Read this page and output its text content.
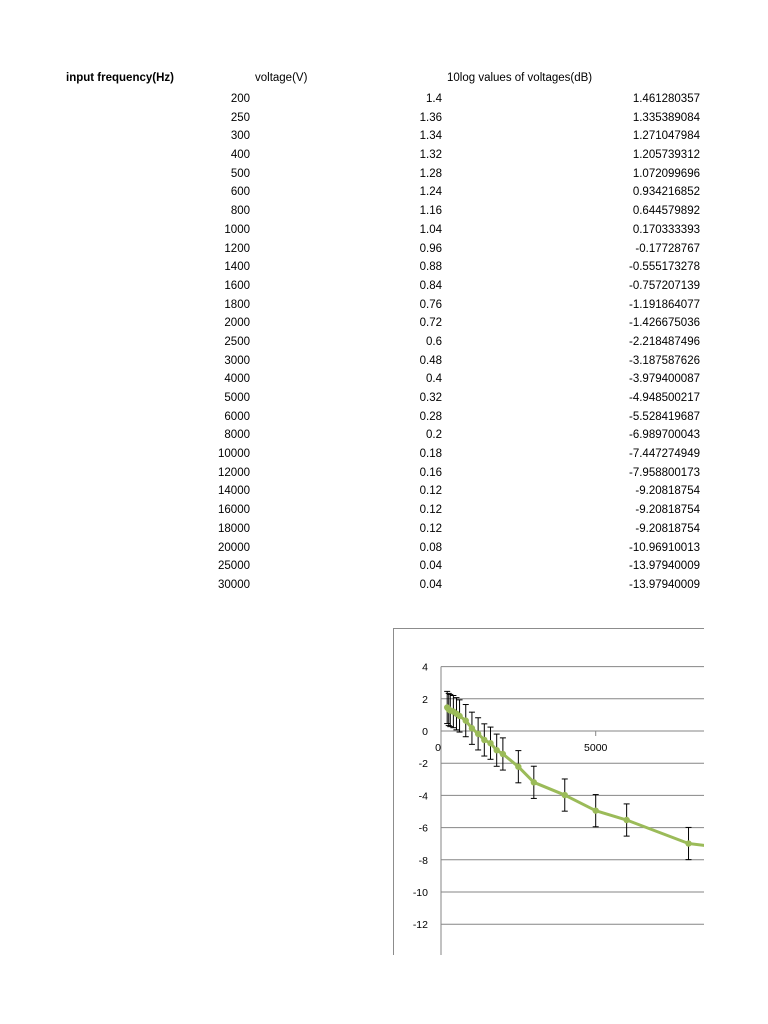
input frequency(Hz)	voltage(V)	10log values of voltages(dB)
200	1.4	1.461280357
250	1.36	1.335389084
300	1.34	1.271047984
400	1.32	1.205739312
500	1.28	1.072099696
600	1.24	0.934216852
800	1.16	0.644579892
1000	1.04	0.170333393
1200	0.96	-0.17728767
1400	0.88	-0.555173278
1600	0.84	-0.757207139
1800	0.76	-1.191864077
2000	0.72	-1.426675036
2500	0.6	-2.218487496
3000	0.48	-3.187587626
4000	0.4	-3.979400087
5000	0.32	-4.948500217
6000	0.28	-5.528419687
8000	0.2	-6.989700043
10000	0.18	-7.447274949
12000	0.16	-7.958800173
14000	0.12	-9.20818754
16000	0.12	-9.20818754
18000	0.12	-9.20818754
20000	0.08	-10.96910013
25000	0.04	-13.97940009
30000	0.04	-13.97940009
4
2
0
-2
-4
-6
-8
-10
-12
0	5000
